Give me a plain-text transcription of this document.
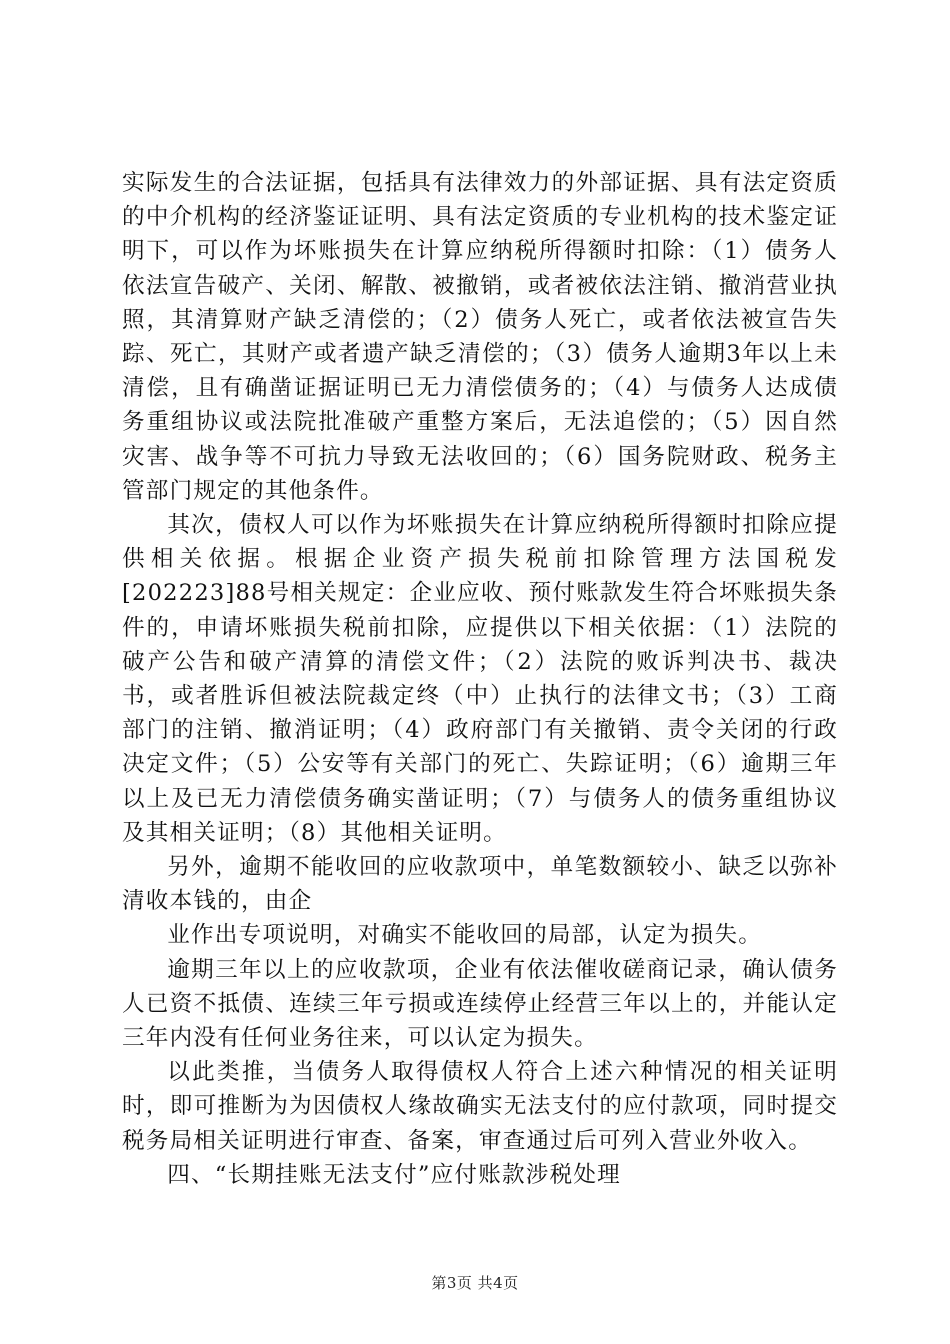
实际发生的合法证据，包括具有法律效力的外部证据、具有法定资质的中介机构的经济鉴证证明、具有法定资质的专业机构的技术鉴定证明下，可以作为坏账损失在计算应纳税所得额时扣除：（1）债务人依法宣告破产、关闭、解散、被撤销，或者被依法注销、撤消营业执照，其清算财产缺乏清偿的；（2）债务人死亡，或者依法被宣告失踪、死亡，其财产或者遗产缺乏清偿的；（3）债务人逾期3年以上未清偿，且有确凿证据证明已无力清偿债务的；（4）与债务人达成债务重组协议或法院批准破产重整方案后，无法追偿的；（5）因自然灾害、战争等不可抗力导致无法收回的；（6）国务院财政、税务主管部门规定的其他条件。

其次，债权人可以作为坏账损失在计算应纳税所得额时扣除应提供相关依据。根据企业资产损失税前扣除管理方法国税发[202223]88号相关规定：企业应收、预付账款发生符合坏账损失条件的，申请坏账损失税前扣除，应提供以下相关依据：（1）法院的破产公告和破产清算的清偿文件；（2）法院的败诉判决书、裁决书，或者胜诉但被法院裁定终（中）止执行的法律文书；（3）工商部门的注销、撤消证明；（4）政府部门有关撤销、责令关闭的行政决定文件；（5）公安等有关部门的死亡、失踪证明；（6）逾期三年以上及已无力清偿债务确实凿证明；（7）与债务人的债务重组协议及其相关证明；（8）其他相关证明。

另外，逾期不能收回的应收款项中，单笔数额较小、缺乏以弥补清收本钱的，由企

业作出专项说明，对确实不能收回的局部，认定为损失。

逾期三年以上的应收款项，企业有依法催收磋商记录，确认债务人已资不抵债、连续三年亏损或连续停止经营三年以上的，并能认定三年内没有任何业务往来，可以认定为损失。

以此类推，当债务人取得债权人符合上述六种情况的相关证明时，即可推断为为因债权人缘故确实无法支付的应付款项，同时提交税务局相关证明进行审查、备案，审查通过后可列入营业外收入。

四、“长期挂账无法支付”应付账款涉税处理

第3页 共4页
